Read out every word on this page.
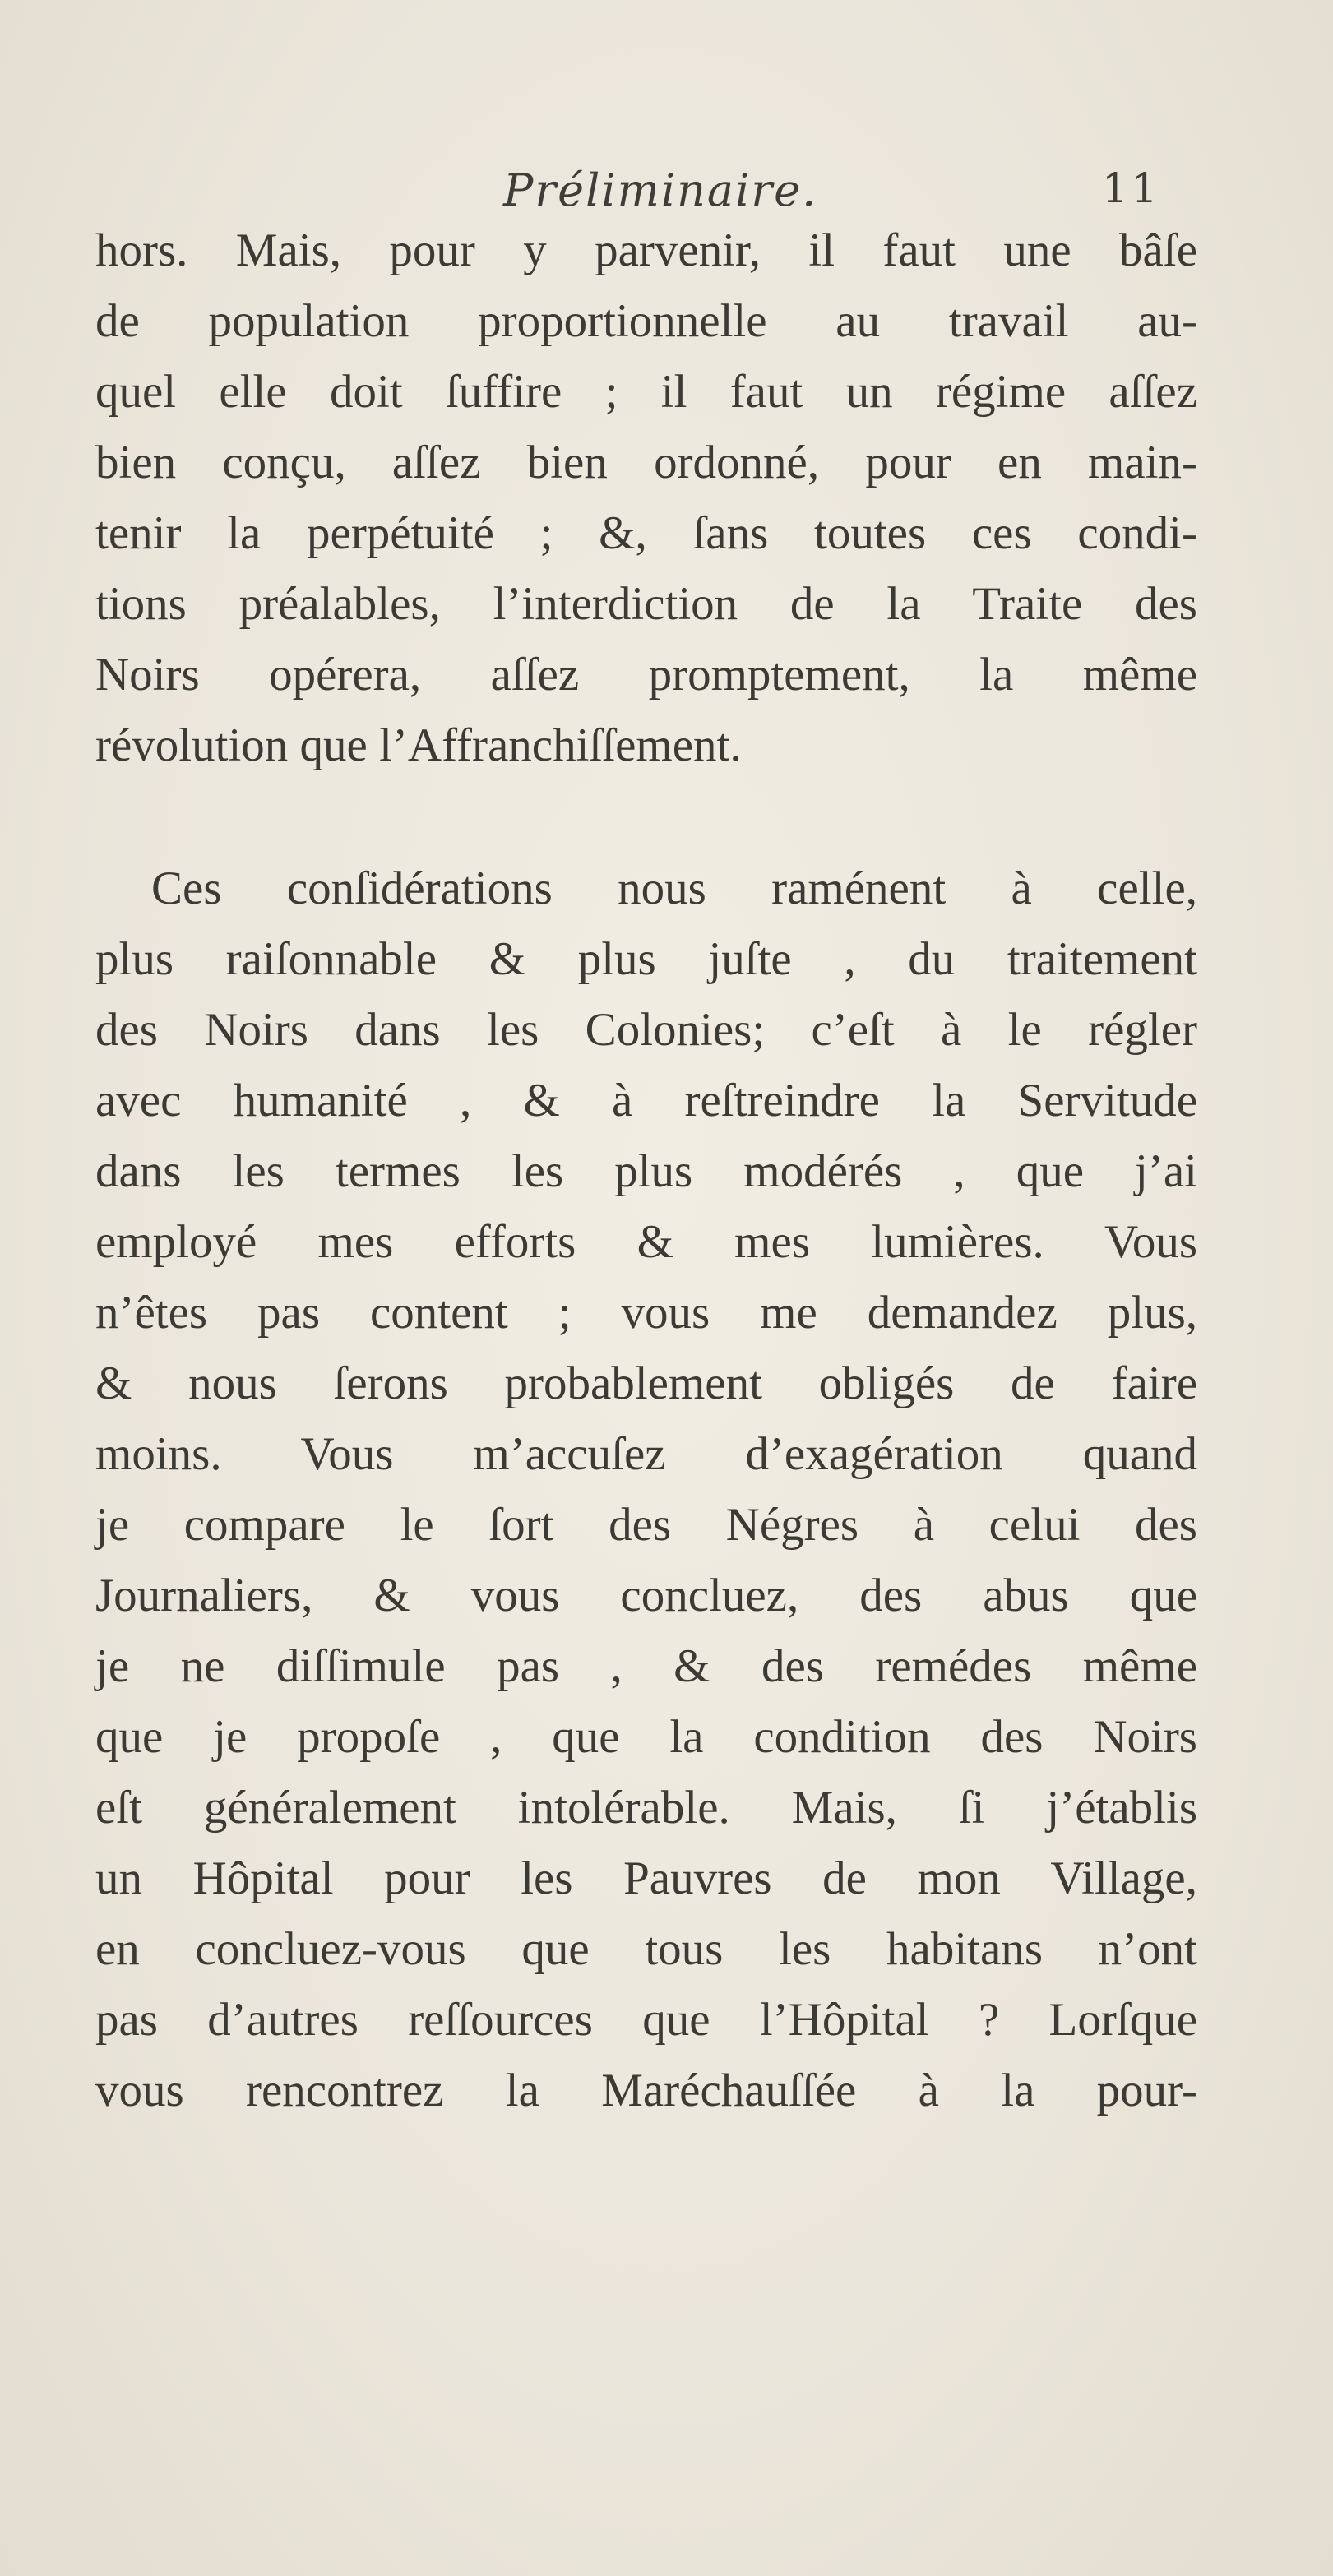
Préliminaire.	11
hors. Mais, pour y parvenir, il faut une bâſe
de population proportionnelle au travail au-
quel elle doit ſuffire ; il faut un régime aſſez
bien conçu, aſſez bien ordonné, pour en main-
tenir la perpétuité ; &, ſans toutes ces condi-
tions préalables, l’interdiction de la Traite des
Noirs opérera, aſſez promptement, la même
révolution que l’Affranchiſſement.
Ces conſidérations nous raménent à celle,
plus raiſonnable & plus juſte , du traitement
des Noirs dans les Colonies; c’eſt à le régler
avec humanité , & à reſtreindre la Servitude
dans les termes les plus modérés , que j’ai
employé mes efforts & mes lumières. Vous
n’êtes pas content ; vous me demandez plus,
& nous ſerons probablement obligés de faire
moins. Vous m’accuſez d’exagération quand
je compare le ſort des Négres à celui des
Journaliers, & vous concluez, des abus que
je ne diſſimule pas , & des remédes même
que je propoſe , que la condition des Noirs
eſt généralement intolérable. Mais, ſi j’établis
un Hôpital pour les Pauvres de mon Village,
en concluez-vous que tous les habitans n’ont
pas d’autres reſſources que l’Hôpital ? Lorſque
vous rencontrez la Maréchauſſée à la pour-
